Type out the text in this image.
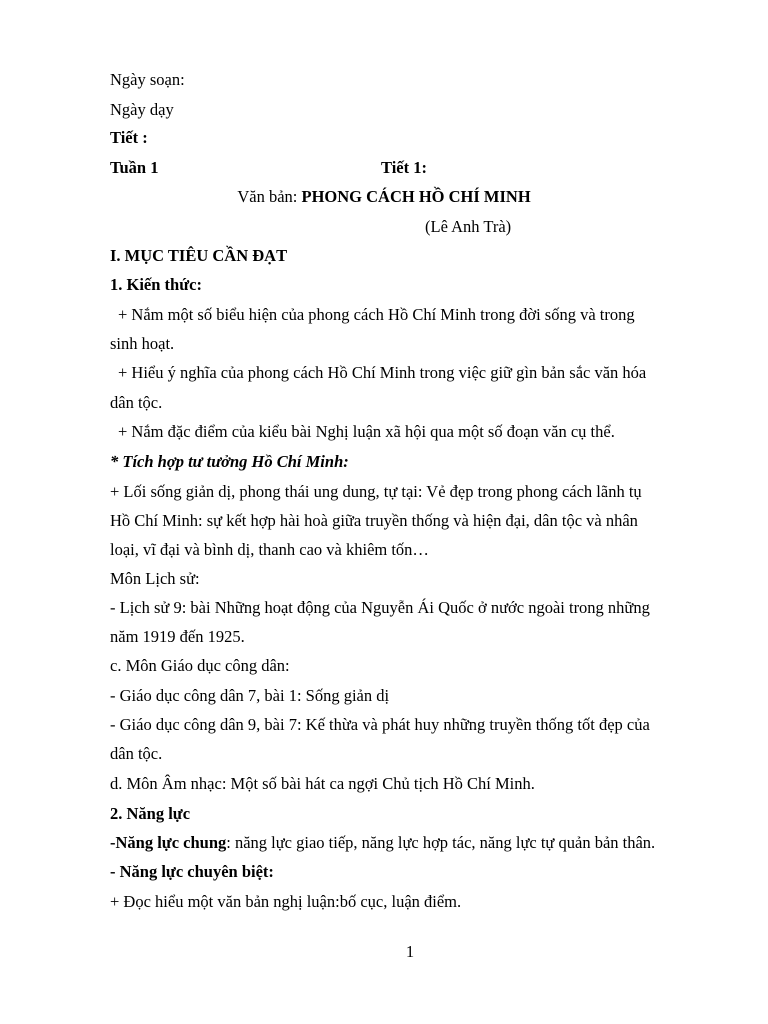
Ngày soạn:
Ngày dạy
Tiết :
Tuần 1	Tiết 1:
Văn bản: PHONG CÁCH HỒ CHÍ MINH
(Lê Anh Trà)
I. MỤC TIÊU CẦN ĐẠT
1. Kiến thức:
+ Nắm một số biểu hiện của phong cách Hồ Chí Minh trong đời sống và trong
sinh hoạt.
+ Hiểu ý nghĩa của phong cách Hồ Chí Minh trong việc giữ gìn bản sắc văn hóa
dân tộc.
+ Nắm đặc điểm của kiểu bài Nghị luận xã hội qua một số đoạn văn cụ thể.
* Tích hợp tư tưởng Hồ Chí Minh:
+ Lối sống giản dị, phong thái ung dung, tự tại: Vẻ đẹp trong phong cách lãnh tụ
Hồ Chí Minh: sự kết hợp hài hoà giữa truyền thống và hiện đại, dân tộc và nhân
loại, vĩ đại và bình dị, thanh cao và khiêm tốn…
Môn Lịch sử:
- Lịch sử 9: bài Những hoạt động của Nguyễn Ái Quốc ở nước ngoài trong những
năm 1919 đến 1925.
c. Môn Giáo dục công dân:
- Giáo dục công dân 7, bài 1: Sống giản dị
- Giáo dục công dân 9, bài 7: Kế thừa và phát huy những truyền thống tốt đẹp của
dân tộc.
d. Môn Âm nhạc: Một số bài hát ca ngợi Chủ tịch Hồ Chí Minh.
2. Năng lực
-Năng lực chung: năng lực giao tiếp, năng lực hợp tác, năng lực tự quản bản thân.
- Năng lực chuyên biệt:
+ Đọc hiểu một văn bản nghị luận:bố cục, luận điểm.
1
